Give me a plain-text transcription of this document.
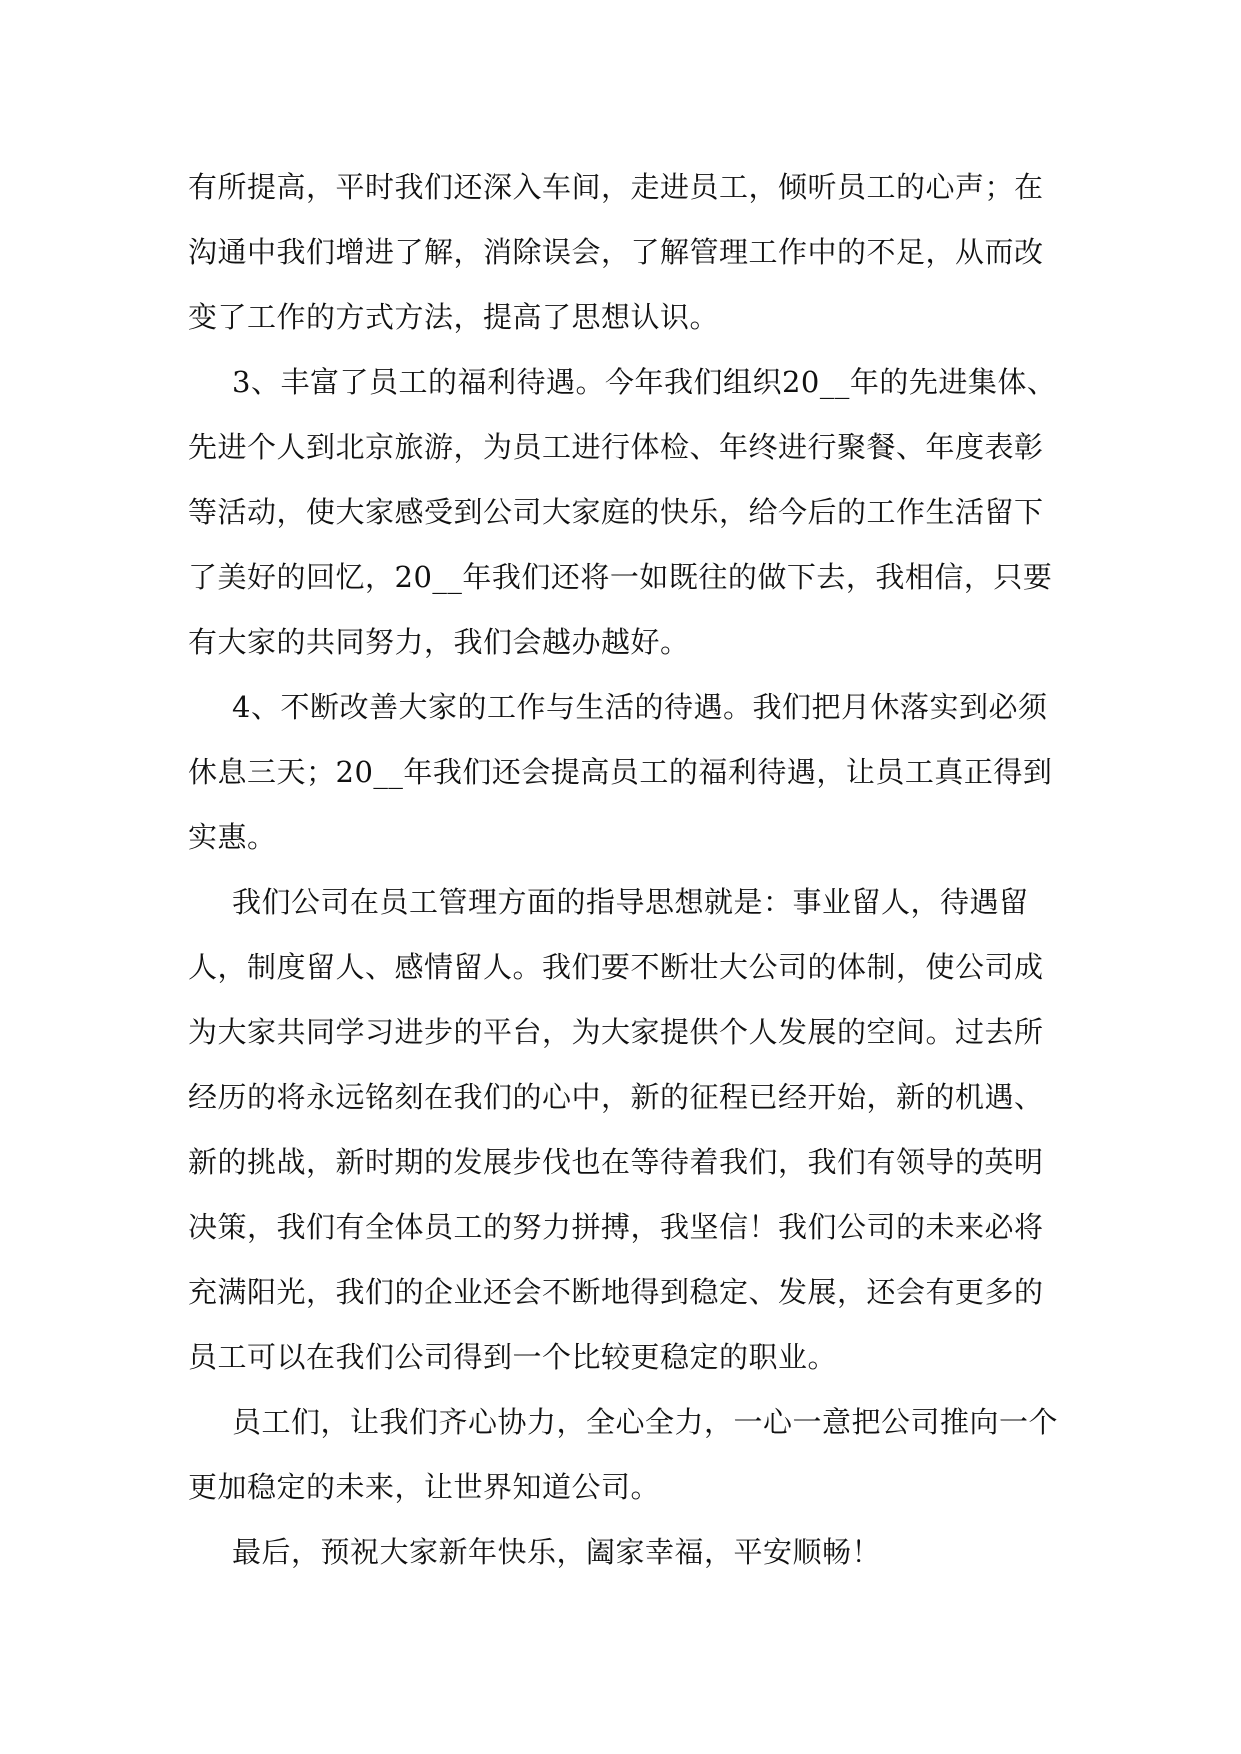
有所提高，平时我们还深入车间，走进员工，倾听员工的心声；在沟通中我们增进了解，消除误会，了解管理工作中的不足，从而改变了工作的方式方法，提高了思想认识。

3、丰富了员工的福利待遇。今年我们组织20__年的先进集体、先进个人到北京旅游，为员工进行体检、年终进行聚餐、年度表彰等活动，使大家感受到公司大家庭的快乐，给今后的工作生活留下了美好的回忆，20__年我们还将一如既往的做下去，我相信，只要有大家的共同努力，我们会越办越好。

4、不断改善大家的工作与生活的待遇。我们把月休落实到必须休息三天；20__年我们还会提高员工的福利待遇，让员工真正得到实惠。

我们公司在员工管理方面的指导思想就是：事业留人，待遇留人，制度留人、感情留人。我们要不断壮大公司的体制，使公司成为大家共同学习进步的平台，为大家提供个人发展的空间。过去所经历的将永远铭刻在我们的心中，新的征程已经开始，新的机遇、新的挑战，新时期的发展步伐也在等待着我们，我们有领导的英明决策，我们有全体员工的努力拼搏，我坚信！我们公司的未来必将充满阳光，我们的企业还会不断地得到稳定、发展，还会有更多的员工可以在我们公司得到一个比较更稳定的职业。

员工们，让我们齐心协力，全心全力，一心一意把公司推向一个更加稳定的未来，让世界知道公司。

最后，预祝大家新年快乐，阖家幸福，平安顺畅！
